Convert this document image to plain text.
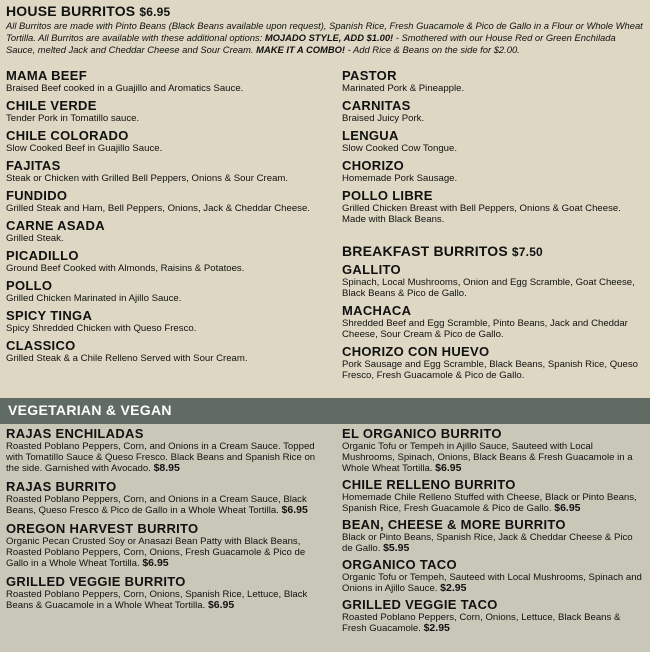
HOUSE BURRITOS $6.95
All Burritos are made with Pinto Beans (Black Beans available upon request), Spanish Rice, Fresh Guacamole & Pico de Gallo in a Flour or Whole Wheat Tortilla. All Burritos are available with these additional options: MOJADO STYLE, ADD $1.00! - Smothered with our House Red or Green Enchilada Sauce, melted Jack and Cheddar Cheese and Sour Cream. MAKE IT A COMBO! - Add Rice & Beans on the side for $2.00.
MAMA BEEF
Braised Beef cooked in a Guajillo and Aromatics Sauce.
CHILE VERDE
Tender Pork in Tomatillo sauce.
CHILE COLORADO
Slow Cooked Beef in Guajillo Sauce.
FAJITAS
Steak or Chicken with Grilled Bell Peppers, Onions & Sour Cream.
FUNDIDO
Grilled Steak and Ham, Bell Peppers, Onions, Jack & Cheddar Cheese.
CARNE ASADA
Grilled Steak.
PICADILLO
Ground Beef Cooked with Almonds, Raisins & Potatoes.
POLLO
Grilled Chicken Marinated in Ajillo Sauce.
SPICY TINGA
Spicy Shredded Chicken with Queso Fresco.
CLASSICO
Grilled Steak & a Chile Relleno Served with Sour Cream.
PASTOR
Marinated Pork & Pineapple.
CARNITAS
Braised Juicy Pork.
LENGUA
Slow Cooked Cow Tongue.
CHORIZO
Homemade Pork Sausage.
POLLO LIBRE
Grilled Chicken Breast with Bell Peppers, Onions & Goat Cheese. Made with Black Beans.
BREAKFAST BURRITOS $7.50
GALLITO
Spinach, Local Mushrooms, Onion and Egg Scramble, Goat Cheese, Black Beans & Pico de Gallo.
MACHACA
Shredded Beef and Egg Scramble, Pinto Beans, Jack and Cheddar Cheese, Sour Cream & Pico de Gallo.
CHORIZO CON HUEVO
Pork Sausage and Egg Scramble, Black Beans, Spanish Rice, Queso Fresco, Fresh Guacamole & Pico de Gallo.
VEGETARIAN & VEGAN
RAJAS ENCHILADAS
Roasted Poblano Peppers, Corn, and Onions in a Cream Sauce. Topped with Tomatillo Sauce & Queso Fresco. Black Beans and Spanish Rice on the side. Garnished with Avocado. $8.95
RAJAS BURRITO
Roasted Poblano Peppers, Corn, and Onions in a Cream Sauce, Black Beans, Queso Fresco & Pico de Gallo in a Whole Wheat Tortilla. $6.95
OREGON HARVEST BURRITO
Organic Pecan Crusted Soy or Anasazi Bean Patty with Black Beans, Roasted Poblano Peppers, Corn, Onions, Fresh Guacamole & Pico de Gallo in a Whole Wheat Tortilla. $6.95
GRILLED VEGGIE BURRITO
Roasted Poblano Peppers, Corn, Onions, Spanish Rice, Lettuce, Black Beans & Guacamole in a Whole Wheat Tortilla. $6.95
EL ORGANICO BURRITO
Organic Tofu or Tempeh in Ajillo Sauce, Sauteed with Local Mushrooms, Spinach, Onions, Black Beans & Fresh Guacamole in a Whole Wheat Tortilla. $6.95
CHILE RELLENO BURRITO
Homemade Chile Relleno Stuffed with Cheese, Black or Pinto Beans, Spanish Rice, Fresh Guacamole & Pico de Gallo. $6.95
BEAN, CHEESE & MORE BURRITO
Black or Pinto Beans, Spanish Rice, Jack & Cheddar Cheese & Pico de Gallo. $5.95
ORGANICO TACO
Organic Tofu or Tempeh, Sauteed with Local Mushrooms, Spinach and Onions in Ajillo Sauce. $2.95
GRILLED VEGGIE TACO
Roasted Poblano Peppers, Corn, Onions, Lettuce, Black Beans & Fresh Guacamole. $2.95
